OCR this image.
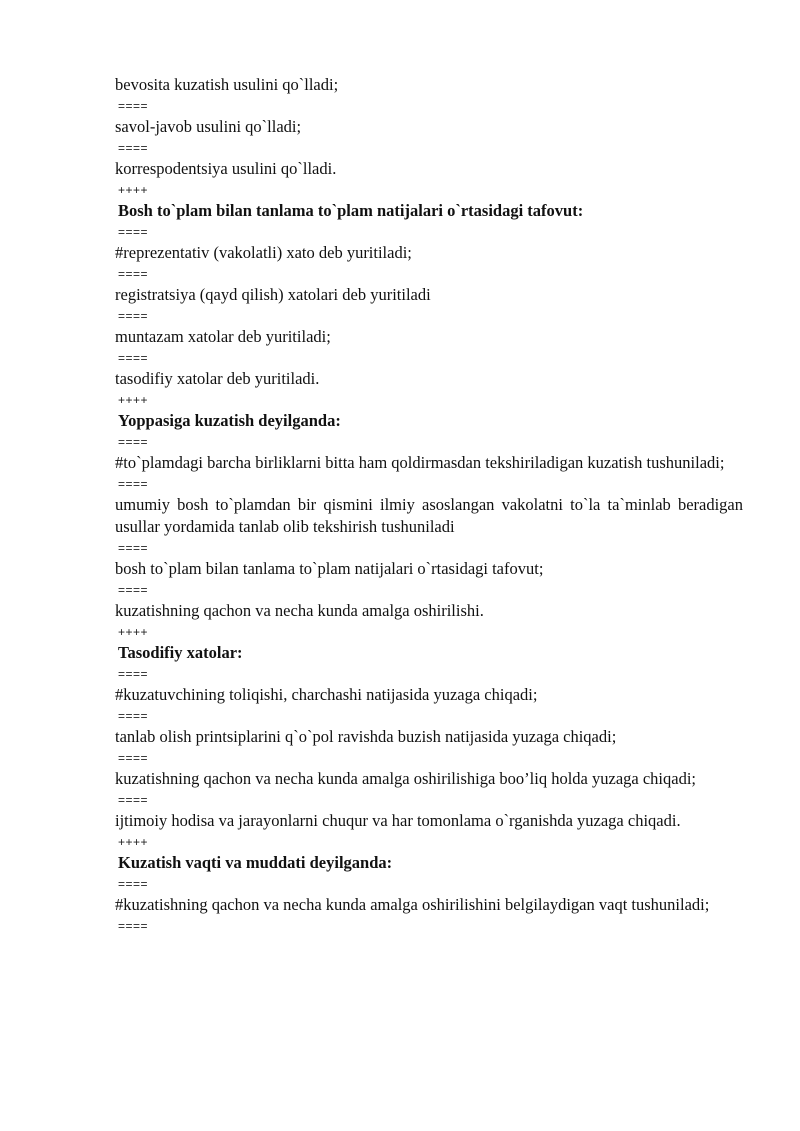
bevosita kuzatish usulini qo`lladi;
====
savol-javob usulini qo`lladi;
====
korrespodentsiya usulini qo`lladi.
++++
Bosh to`plam bilan tanlama to`plam natijalari o`rtasidagi tafovut:
====
#reprezentativ (vakolatli) xato deb yuritiladi;
====
registratsiya (qayd qilish) xatolari deb yuritiladi
====
muntazam xatolar deb yuritiladi;
====
tasodifiy xatolar deb yuritiladi.
++++
Yoppasiga kuzatish deyilganda:
====
#to`plamdagi barcha birliklarni bitta ham qoldirmasdan tekshiriladigan kuzatish tushuniladi;
====
umumiy bosh to`plamdan bir qismini ilmiy asoslangan vakolatni to`la ta`minlab beradigan usullar yordamida tanlab olib tekshirish tushuniladi
====
bosh to`plam bilan tanlama to`plam natijalari o`rtasidagi tafovut;
====
kuzatishning qachon va necha kunda amalga oshirilishi.
++++
Tasodifiy xatolar:
====
#kuzatuvchining toliqishi, charchashi natijasida yuzaga chiqadi;
====
tanlab olish printsiplarini q`o`pol ravishda buzish natijasida yuzaga chiqadi;
====
kuzatishning qachon va necha kunda amalga oshirilishiga boo’liq holda yuzaga chiqadi;
====
ijtimoiy hodisa va jarayonlarni chuqur va har tomonlama o`rganishda yuzaga chiqadi.
++++
Kuzatish vaqti va muddati deyilganda:
====
#kuzatishning qachon va necha kunda amalga oshirilishini belgilaydigan vaqt tushuniladi;
====
